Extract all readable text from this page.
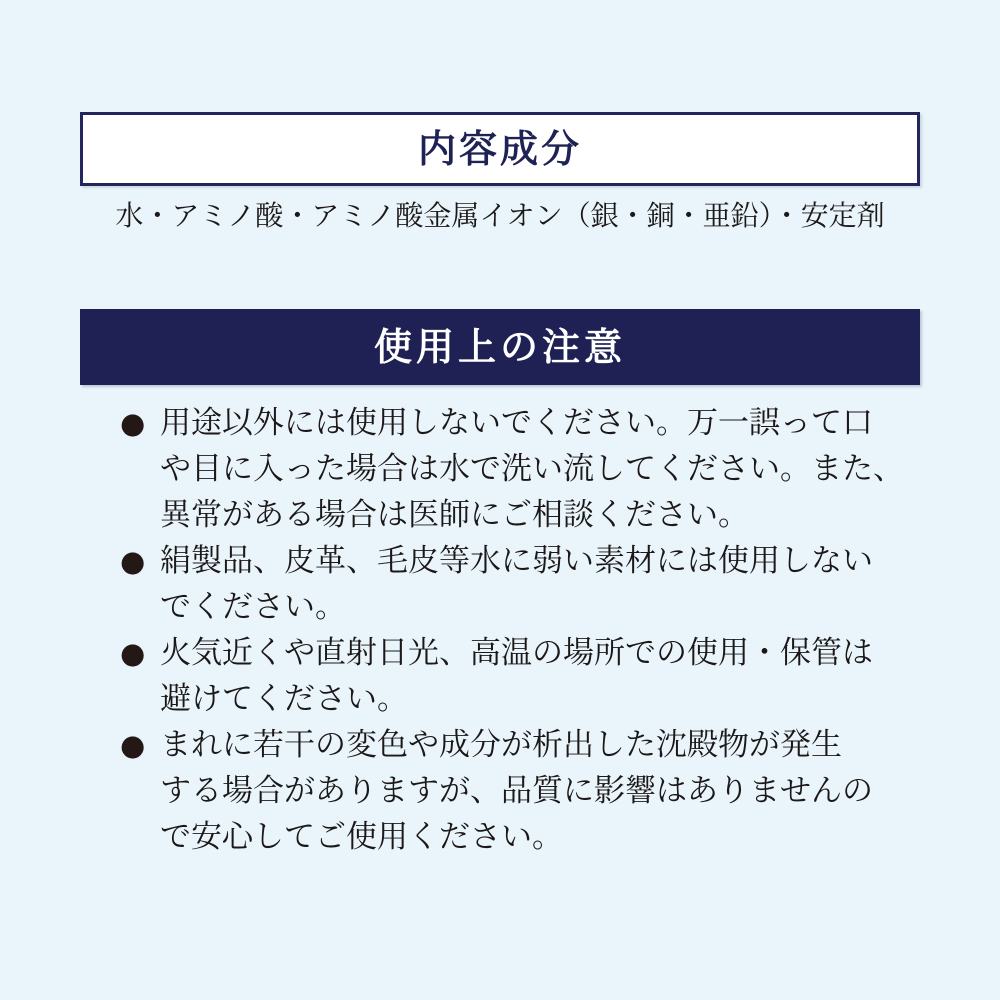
内容成分
水・アミノ酸・アミノ酸金属イオン（銀・銅・亜鉛）・安定剤
使用上の注意
● 用途以外には使用しないでください。万一誤って口
や目に入った場合は水で洗い流してください。また、
異常がある場合は医師にご相談ください。
● 絹製品、皮革、毛皮等水に弱い素材には使用しない
でください。
● 火気近くや直射日光、高温の場所での使用・保管は
避けてください。
● まれに若干の変色や成分が析出した沈殿物が発生
する場合がありますが、品質に影響はありませんの
で安心してご使用ください。
